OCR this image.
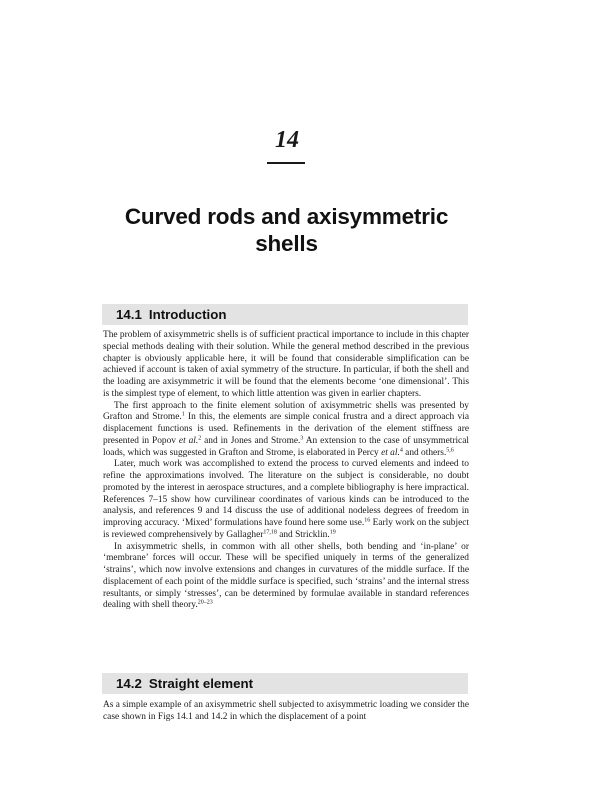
14
Curved rods and axisymmetric shells
14.1 Introduction

The problem of axisymmetric shells is of sufficient practical importance to include in this chapter special methods dealing with their solution. While the general method described in the previous chapter is obviously applicable here, it will be found that considerable simplification can be achieved if account is taken of axial symmetry of the structure. In particular, if both the shell and the loading are axisymmetric it will be found that the elements become ‘one dimensional’. This is the simplest type of element, to which little attention was given in earlier chapters.

The first approach to the finite element solution of axisymmetric shells was presented by Grafton and Strome.$^1$ In this, the elements are simple conical frustra and a direct approach via displacement functions is used. Refinements in the derivation of the element stiffness are presented in Popov et al.$^2$ and in Jones and Strome.$^3$ An extension to the case of unsymmetrical loads, which was suggested in Grafton and Strome, is elaborated in Percy et al.$^4$ and others.$^{5,6}$

Later, much work was accomplished to extend the process to curved elements and indeed to refine the approximations involved. The literature on the subject is considerable, no doubt promoted by the interest in aerospace structures, and a complete bibliography is here impractical. References 7–15 show how curvilinear coordinates of various kinds can be introduced to the analysis, and references 9 and 14 discuss the use of additional nodeless degrees of freedom in improving accuracy. ‘Mixed’ formulations have found here some use.$^{16}$ Early work on the subject is reviewed comprehensively by Gallagher$^{17,18}$ and Stricklin.$^{19}$

In axisymmetric shells, in common with all other shells, both bending and ‘in-plane’ or ‘membrane’ forces will occur. These will be specified uniquely in terms of the generalized ‘strains’, which now involve extensions and changes in curvatures of the middle surface. If the displacement of each point of the middle surface is specified, such ‘strains’ and the internal stress resultants, or simply ‘stresses’, can be determined by formulae available in standard references dealing with shell theory.$^{20-23}$

14.2 Straight element

As a simple example of an axisymmetric shell subjected to axisymmetric loading we consider the case shown in Figs 14.1 and 14.2 in which the displacement of a point
